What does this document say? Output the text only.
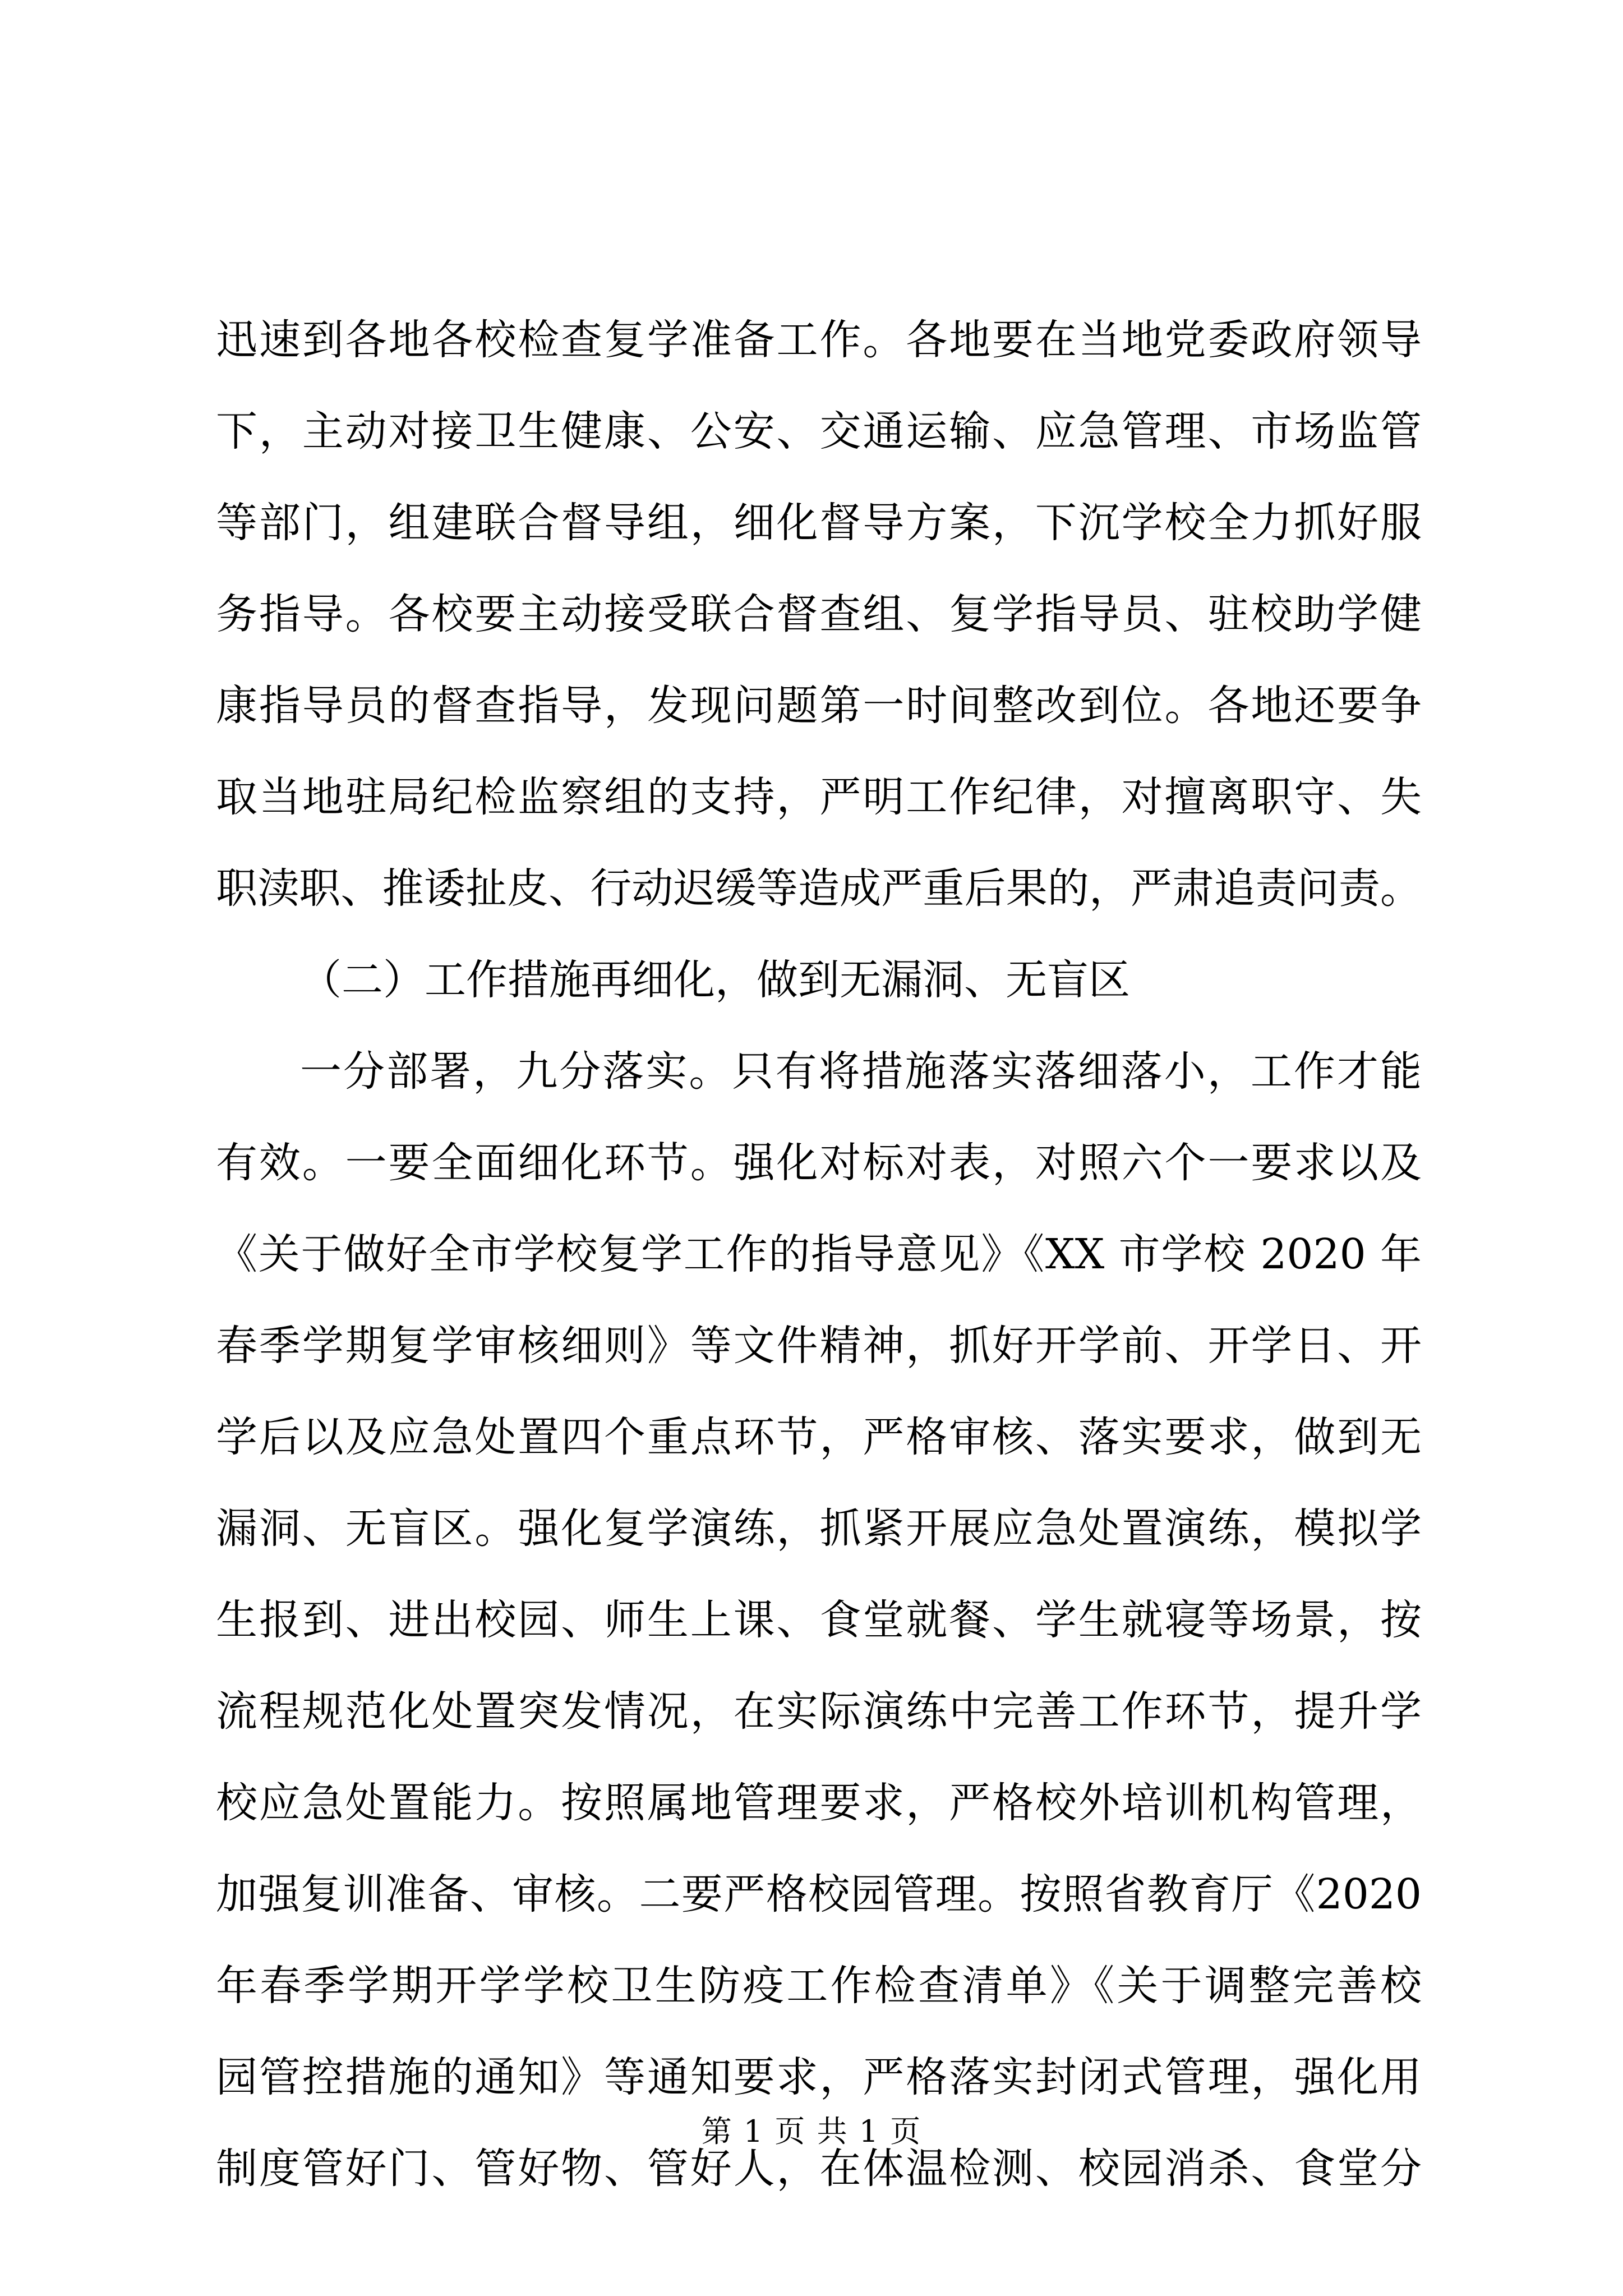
迅速到各地各校检查复学准备工作。各地要在当地党委政府领导
下，主动对接卫生健康、公安、交通运输、应急管理、市场监管
等部门，组建联合督导组，细化督导方案，下沉学校全力抓好服
务指导。各校要主动接受联合督查组、复学指导员、驻校助学健
康指导员的督查指导，发现问题第一时间整改到位。各地还要争
取当地驻局纪检监察组的支持，严明工作纪律，对擅离职守、失
职渎职、推诿扯皮、行动迟缓等造成严重后果的，严肃追责问责。
（二）工作措施再细化，做到无漏洞、无盲区
一分部署，九分落实。只有将措施落实落细落小，工作才能
有效。一要全面细化环节。强化对标对表，对照六个一要求以及
《关于做好全市学校复学工作的指导意见》《XX 市学校 2020 年
春季学期复学审核细则》等文件精神，抓好开学前、开学日、开
学后以及应急处置四个重点环节，严格审核、落实要求，做到无
漏洞、无盲区。强化复学演练，抓紧开展应急处置演练，模拟学
生报到、进出校园、师生上课、食堂就餐、学生就寝等场景，按
流程规范化处置突发情况，在实际演练中完善工作环节，提升学
校应急处置能力。按照属地管理要求，严格校外培训机构管理，
加强复训准备、审核。二要严格校园管理。按照省教育厅《2020
年春季学期开学学校卫生防疫工作检查清单》《关于调整完善校
园管控措施的通知》等通知要求，严格落实封闭式管理，强化用
制度管好门、管好物、管好人，在体温检测、校园消杀、食堂分
第 1 页 共 1 页
